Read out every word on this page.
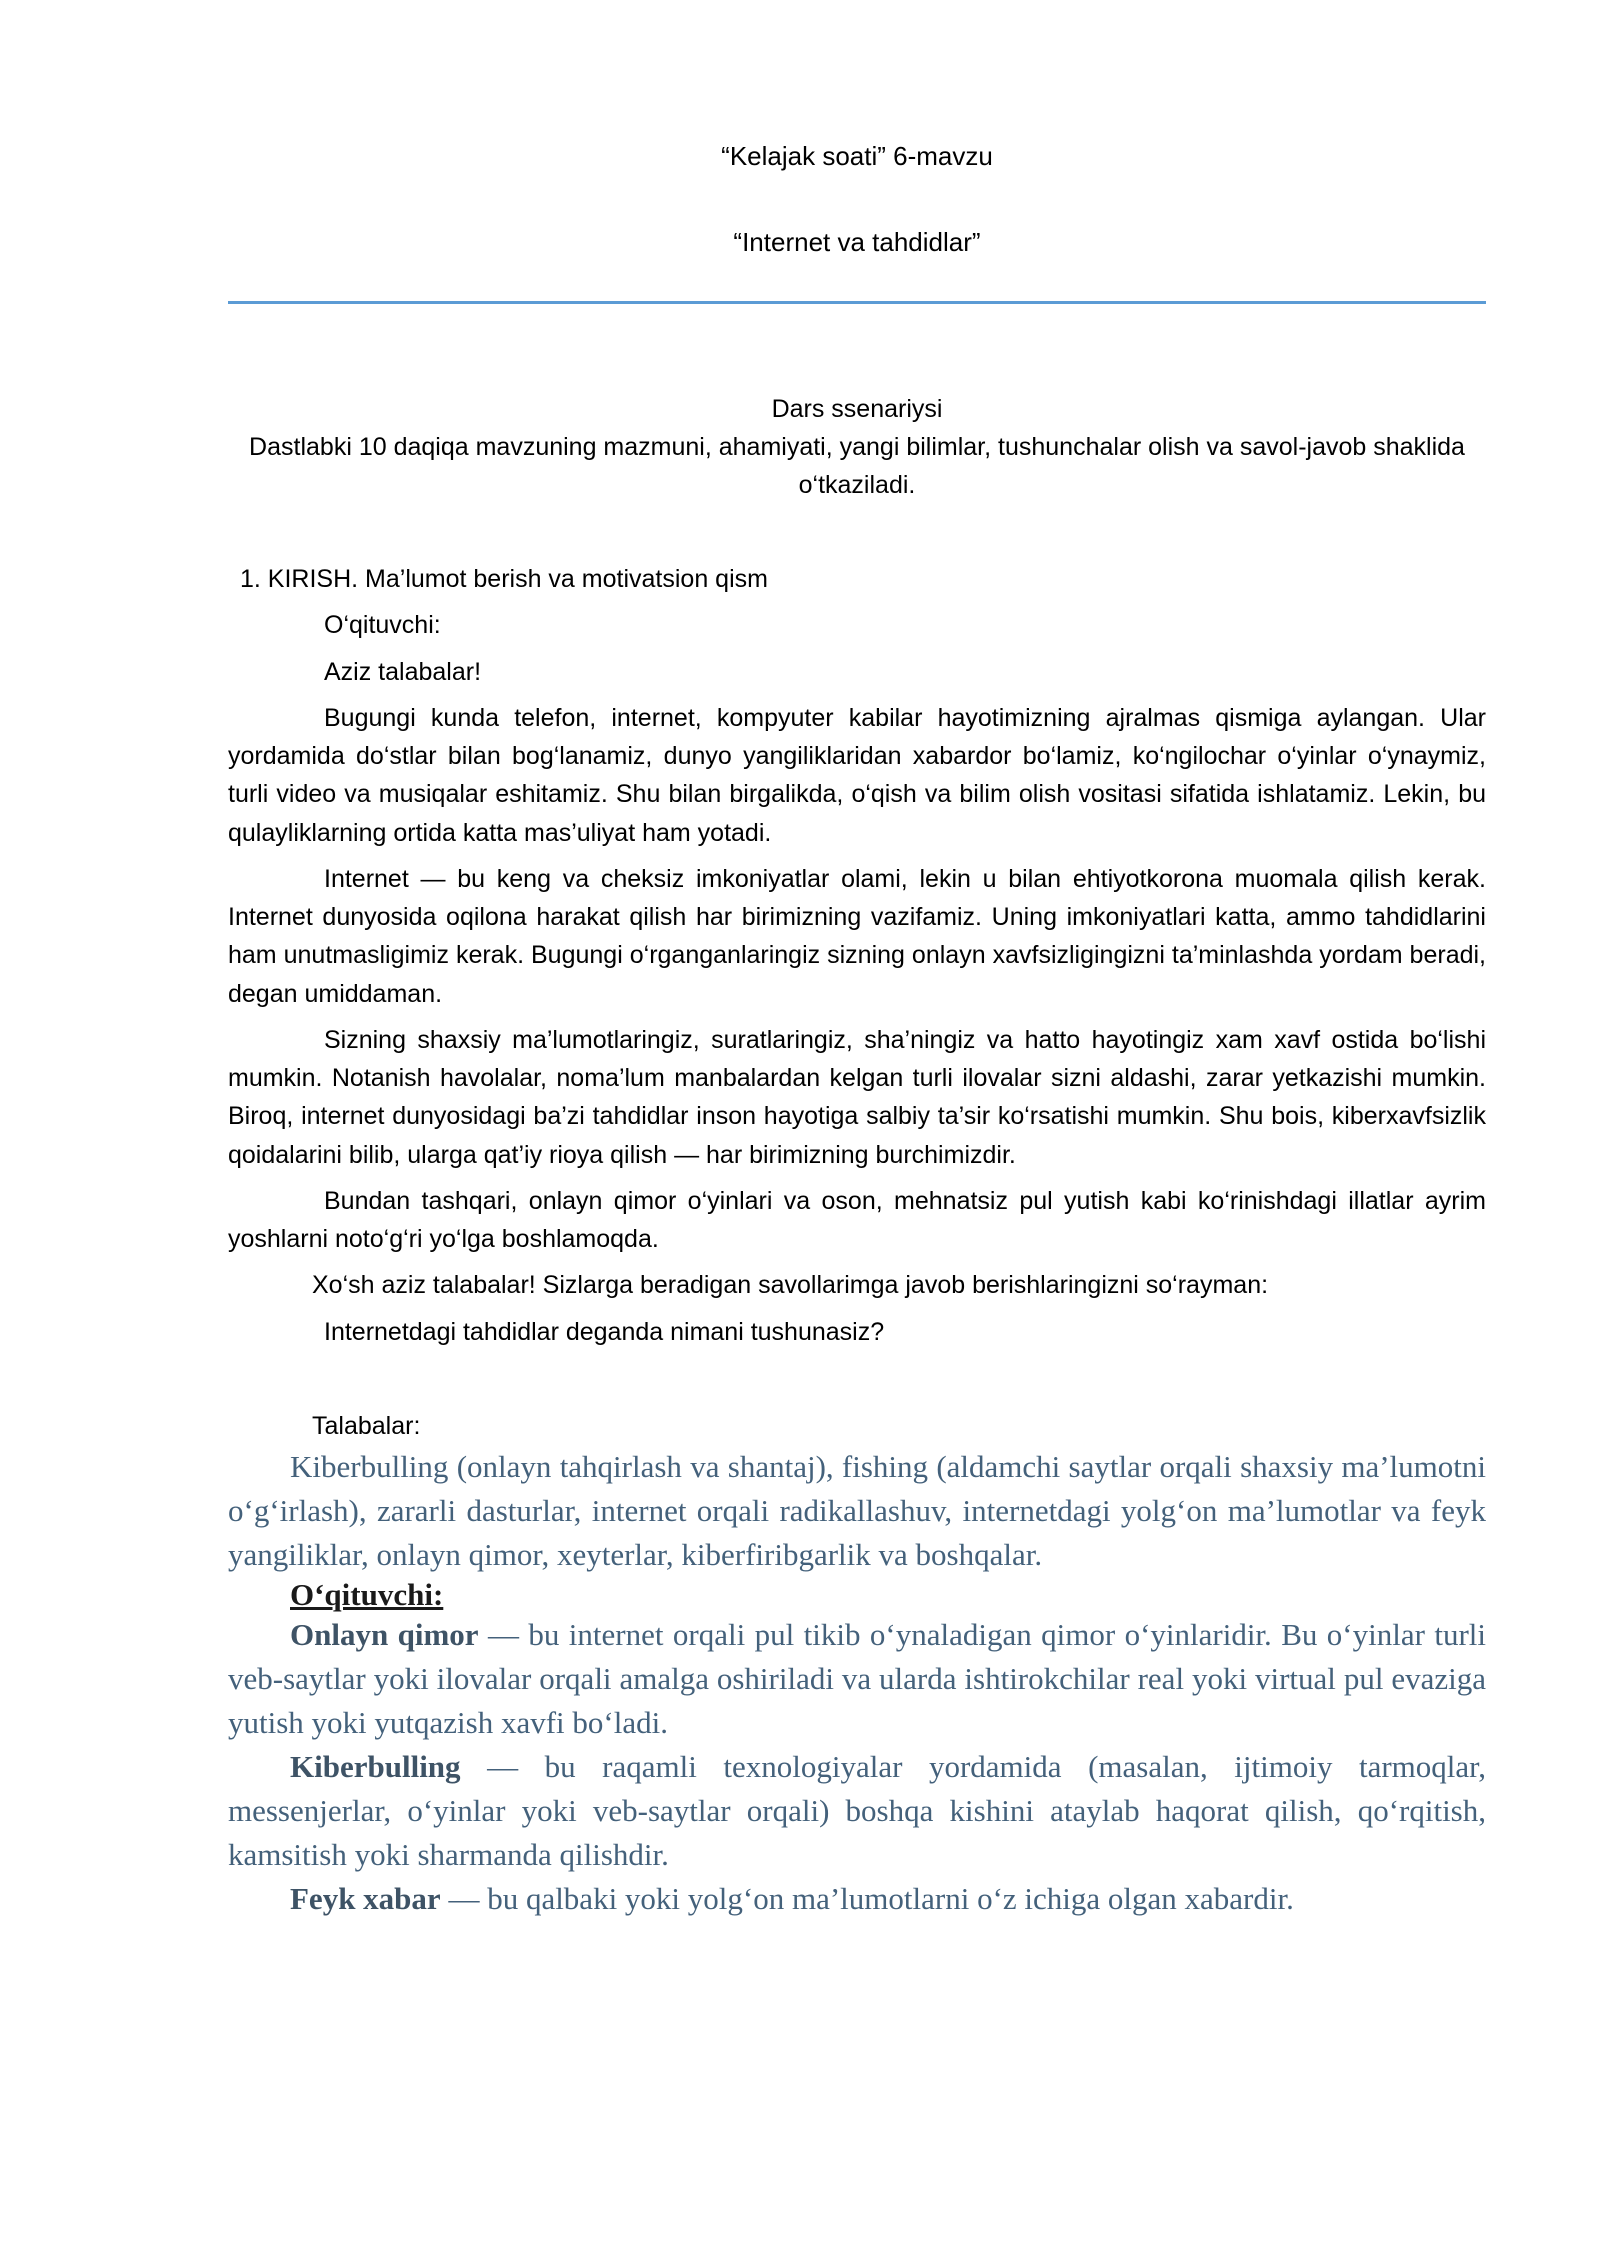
“Kelajak soati” 6-mavzu
“Internet va tahdidlar”
Dars ssenariysi
Dastlabki 10 daqiqa mavzuning mazmuni, ahamiyati, yangi bilimlar, tushunchalar olish va savol-javob shaklida o‘tkaziladi.
1. KIRISH. Ma’lumot berish va motivatsion qism
O‘qituvchi:
Aziz talabalar!
Bugungi kunda telefon, internet, kompyuter kabilar hayotimizning ajralmas qismiga aylangan. Ular yordamida do‘stlar bilan bog‘lanamiz, dunyo yangiliklaridan xabardor bo‘lamiz, ko‘ngilochar o‘yinlar o‘ynaymiz, turli video va musiqalar eshitamiz. Shu bilan birgalikda, o‘qish va bilim olish vositasi sifatida ishlatamiz. Lekin, bu qulayliklarning ortida katta mas’uliyat ham yotadi.
Internet — bu keng va cheksiz imkoniyatlar olami, lekin u bilan ehtiyotkorona muomala qilish kerak. Internet dunyosida oqilona harakat qilish har birimizning vazifamiz. Uning imkoniyatlari katta, ammo tahdidlarini ham unutmasligimiz kerak. Bugungi o‘rganganlaringiz sizning onlayn xavfsizligingizni ta’minlashda yordam beradi, degan umiddaman.
Sizning shaxsiy ma’lumotlaringiz, suratlaringiz, sha’ningiz va hatto hayotingiz xam xavf ostida bo‘lishi mumkin. Notanish havolalar, noma’lum manbalardan kelgan turli ilovalar sizni aldashi, zarar yetkazishi mumkin. Biroq, internet dunyosidagi ba’zi tahdidlar inson hayotiga salbiy ta’sir ko‘rsatishi mumkin. Shu bois, kiberxavfsizlik qoidalarini bilib, ularga qat’iy rioya qilish — har birimizning burchimizdir.
Bundan tashqari, onlayn qimor o‘yinlari va oson, mehnatsiz pul yutish kabi ko‘rinishdagi illatlar ayrim yoshlarni noto‘g‘ri yo‘lga boshlamoqda.
Xo‘sh aziz talabalar! Sizlarga beradigan savollarimga javob berishlaringizni so‘rayman:
Internetdagi tahdidlar deganda nimani tushunasiz?
Talabalar:
Kiberbulling (onlayn tahqirlash va shantaj), fishing (aldamchi saytlar orqali shaxsiy ma’lumotni o‘g‘irlash), zararli dasturlar, internet orqali radikallashuv, internetdagi yolg‘on ma’lumotlar va feyk yangiliklar, onlayn qimor, xeyterlar, kiberfiribgarlik va boshqalar.
O‘qituvchi:
Onlayn qimor — bu internet orqali pul tikib o‘ynaladigan qimor o‘yinlaridir. Bu o‘yinlar turli veb-saytlar yoki ilovalar orqali amalga oshiriladi va ularda ishtirokchilar real yoki virtual pul evaziga yutish yoki yutqazish xavfi bo‘ladi.
Kiberbulling — bu raqamli texnologiyalar yordamida (masalan, ijtimoiy tarmoqlar, messenjerlar, o‘yinlar yoki veb-saytlar orqali) boshqa kishini ataylab haqorat qilish, qo‘rqitish, kamsitish yoki sharmanda qilishdir.
Feyk xabar — bu qalbaki yoki yolg‘on ma’lumotlarni o‘z ichiga olgan xabardir.
